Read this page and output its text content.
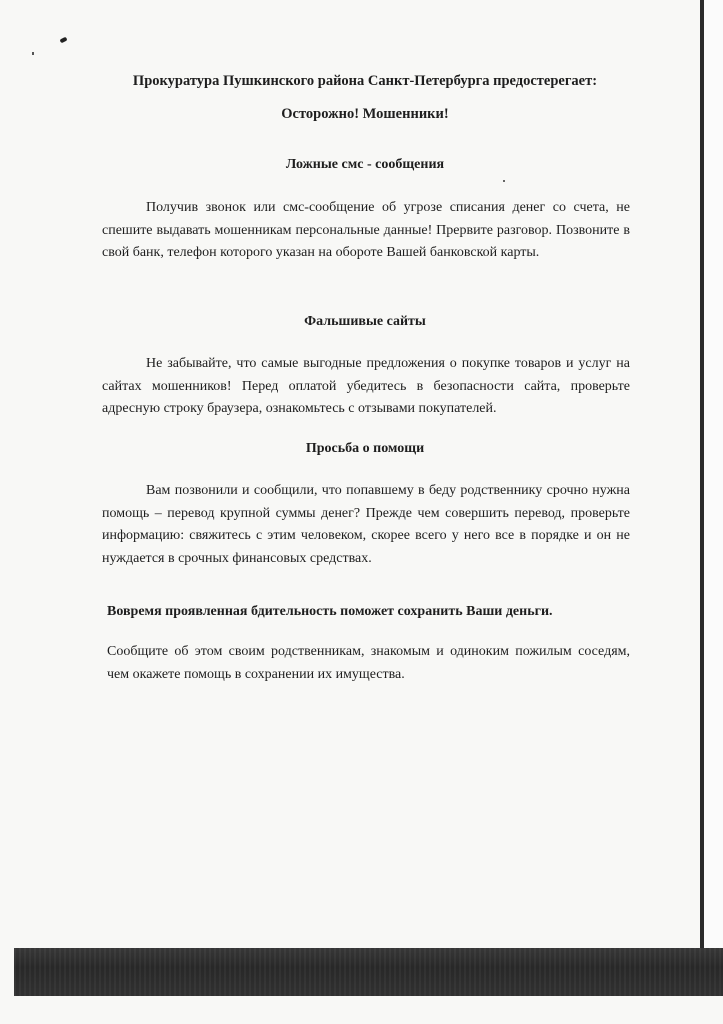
Прокуратура Пушкинского района Санкт-Петербурга предостерегает:
Осторожно! Мошенники!
Ложные смс - сообщения
Получив звонок или смс-сообщение об угрозе списания денег со счета, не спешите выдавать мошенникам персональные данные! Прервите разговор. Позвоните в свой банк, телефон которого указан на обороте Вашей банковской карты.
Фальшивые сайты
Не забывайте, что самые выгодные предложения о покупке товаров и услуг на сайтах мошенников! Перед оплатой убедитесь в безопасности сайта, проверьте адресную строку браузера, ознакомьтесь с отзывами покупателей.
Просьба о помощи
Вам позвонили и сообщили, что попавшему в беду родственнику срочно нужна помощь – перевод крупной суммы денег? Прежде чем совершить перевод, проверьте информацию: свяжитесь с этим человеком, скорее всего у него все в порядке и он не нуждается в срочных финансовых средствах.
Вовремя проявленная бдительность поможет сохранить Ваши деньги.
Сообщите об этом своим родственникам, знакомым и одиноким пожилым соседям, чем окажете помощь в сохранении их имущества.
